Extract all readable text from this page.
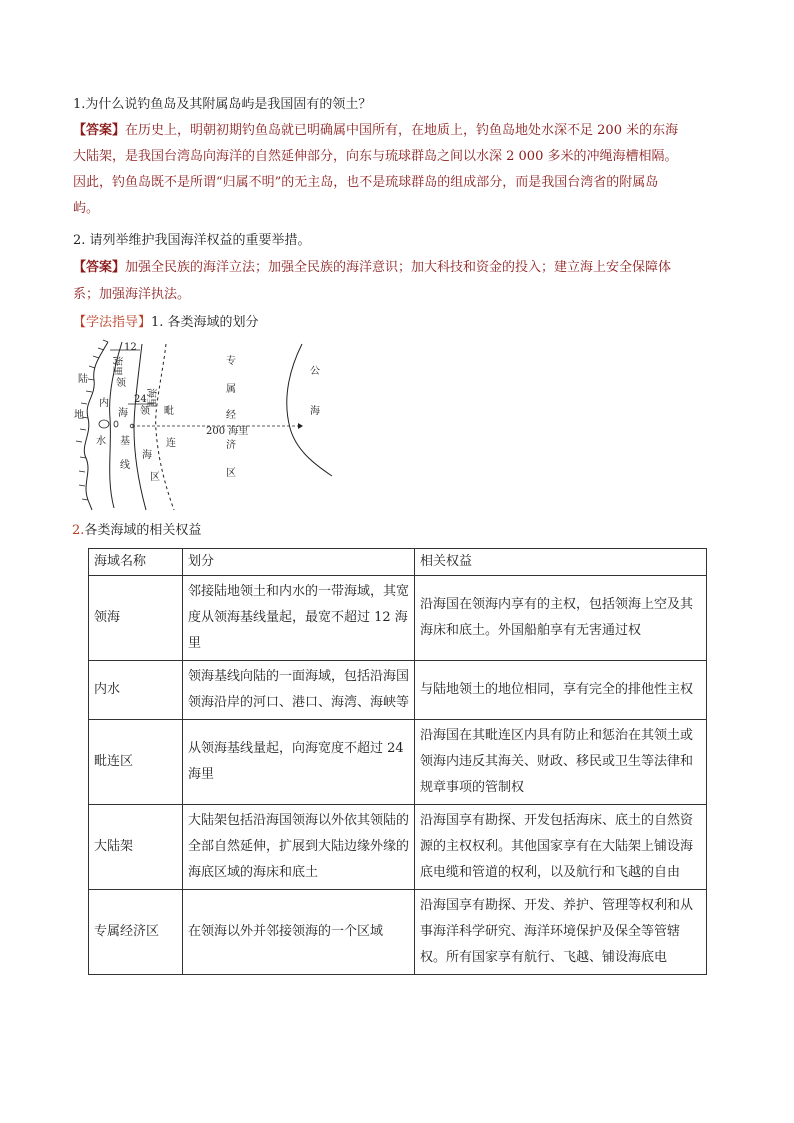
1.为什么说钓鱼岛及其附属岛屿是我国固有的领土？
【答案】在历史上，明朝初期钓鱼岛就已明确属中国所有，在地质上，钓鱼岛地处水深不足 200 米的东海
大陆架，是我国台湾岛向海洋的自然延伸部分，向东与琉球群岛之间以水深 2 000 多米的冲绳海槽相隔。
因此，钓鱼岛既不是所谓“归属不明”的无主岛，也不是琉球群岛的组成部分，而是我国台湾省的附属岛
屿。
2. 请列举维护我国海洋权益的重要举措。
【答案】加强全民族的海洋立法；加强全民族的海洋意识；加大科技和资金的投入；建立海上安全保障体
系；加强海洋执法。
【学法指导】1. 各类海域的划分
12
海里
24
海里
200 海里
陆
地
内
水
领
海
基
线
领
海
毗
连
区
专
属
经
济
区
公
海
2.各类海域的相关权益
海域名称	划分	相关权益
领海	邻接陆地领土和内水的一带海域，其宽度从领海基线量起，最宽不超过 12 海里	沿海国在领海内享有的主权，包括领海上空及其海床和底土。外国船舶享有无害通过权
内水	领海基线向陆的一面海域，包括沿海国领海沿岸的河口、港口、海湾、海峡等	与陆地领土的地位相同，享有完全的排他性主权
毗连区	从领海基线量起，向海宽度不超过 24 海里	沿海国在其毗连区内具有防止和惩治在其领土或领海内违反其海关、财政、移民或卫生等法律和规章事项的管制权
大陆架	大陆架包括沿海国领海以外依其领陆的全部自然延伸，扩展到大陆边缘外缘的海底区域的海床和底土	沿海国享有勘探、开发包括海床、底土的自然资源的主权权利。其他国家享有在大陆架上铺设海底电缆和管道的权利，以及航行和飞越的自由
专属经济区	在领海以外并邻接领海的一个区域	沿海国享有勘探、开发、养护、管理等权利和从事海洋科学研究、海洋环境保护及保全等管辖权。所有国家享有航行、飞越、铺设海底电
